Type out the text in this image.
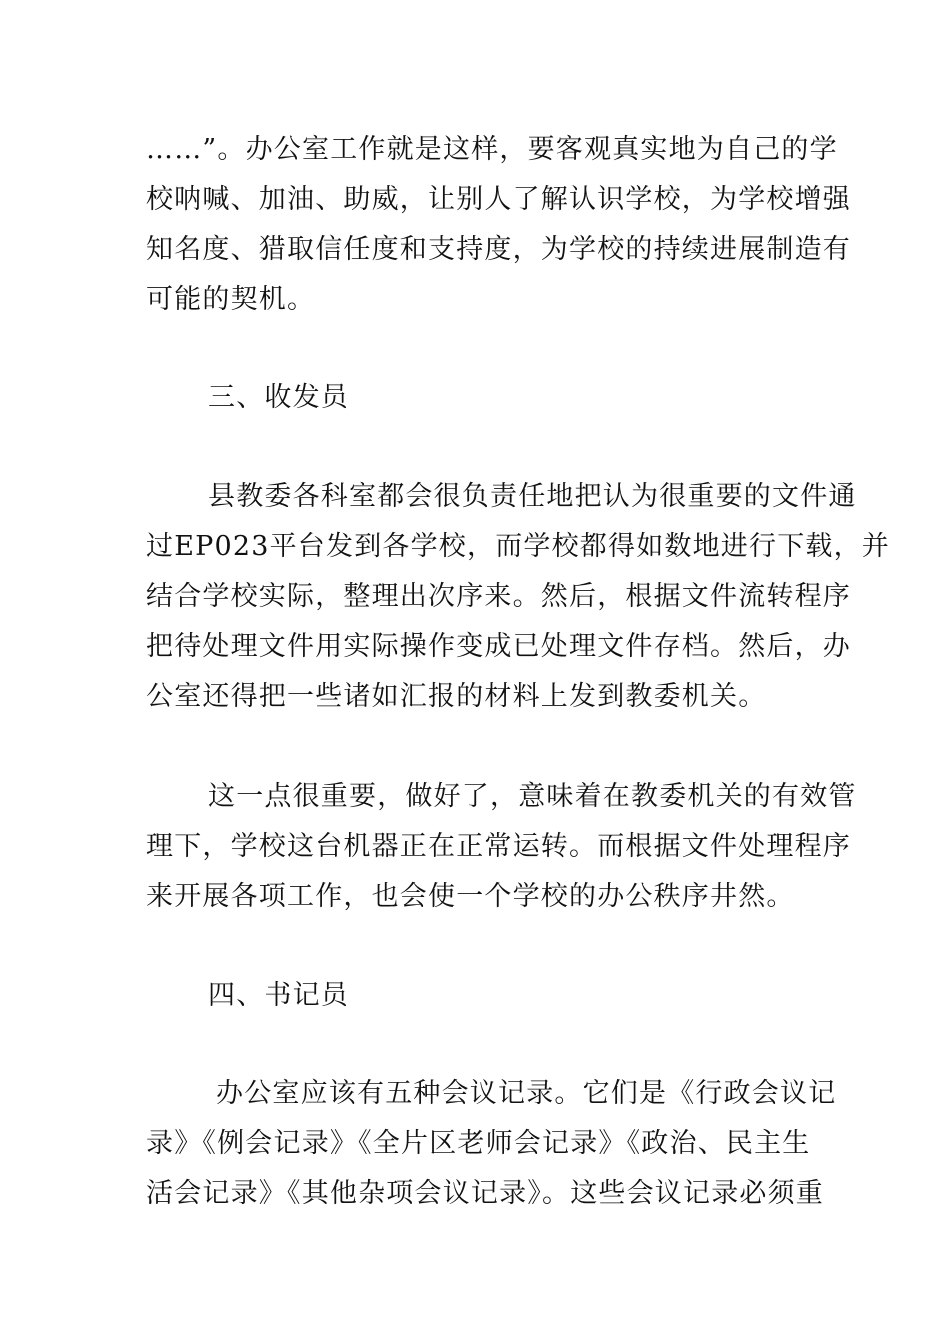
……”。办公室工作就是这样，要客观真实地为自己的学
校呐喊、加油、助威，让别人了解认识学校，为学校增强
知名度、猎取信任度和支持度，为学校的持续进展制造有
可能的契机。
三、收发员
县教委各科室都会很负责任地把认为很重要的文件通
过EP023平台发到各学校，而学校都得如数地进行下载，并
结合学校实际，整理出次序来。然后，根据文件流转程序
把待处理文件用实际操作变成已处理文件存档。然后，办
公室还得把一些诸如汇报的材料上发到教委机关。
这一点很重要，做好了，意味着在教委机关的有效管
理下，学校这台机器正在正常运转。而根据文件处理程序
来开展各项工作，也会使一个学校的办公秩序井然。
四、书记员
办公室应该有五种会议记录。它们是《行政会议记
录》《例会记录》《全片区老师会记录》《政治、民主生
活会记录》《其他杂项会议记录》。这些会议记录必须重
